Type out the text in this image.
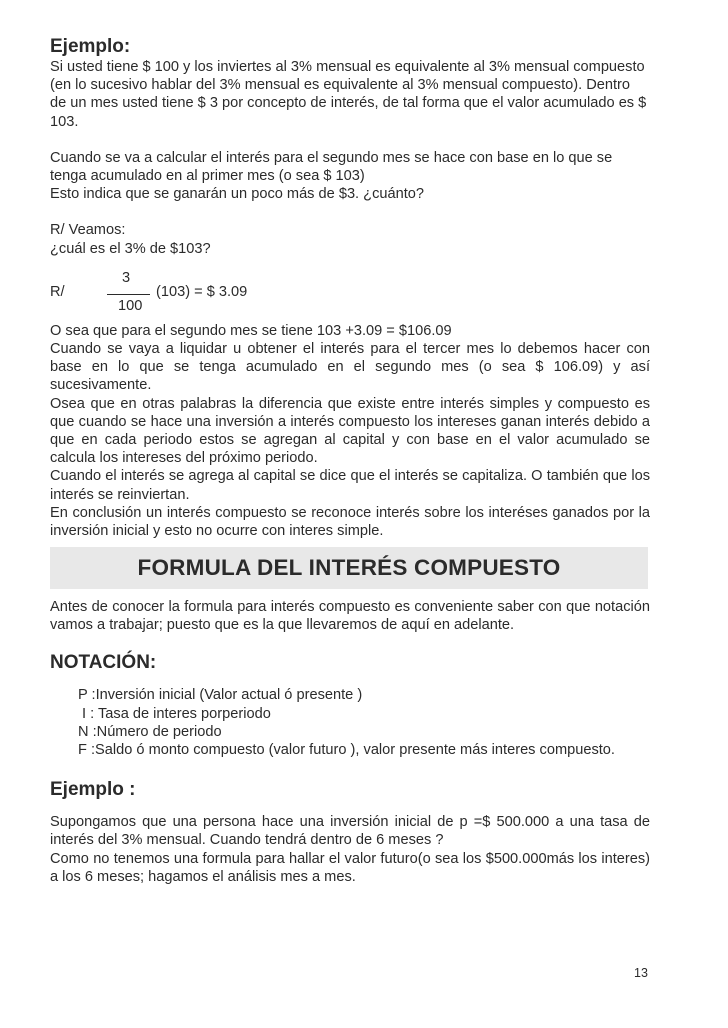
Ejemplo:

Si usted tiene $ 100 y los inviertes al 3% mensual es equivalente al 3% mensual compuesto (en lo sucesivo hablar del 3% mensual es equivalente al 3% mensual compuesto). Dentro de un mes usted tiene $ 3 por concepto de interés, de tal forma que el valor acumulado es $ 103.

Cuando se va a calcular el interés para el segundo mes se hace con base en lo que se tenga acumulado en al primer mes (o sea $ 103)

Esto indica que se ganarán un poco más de $3. ¿cuánto?

R/ Veamos:

¿cuál es el 3% de $103?

R/
3
100
(103) = $ 3.09

O sea que para el segundo mes se tiene 103 +3.09 = $106.09

Cuando se vaya a liquidar u obtener el interés para el tercer mes lo debemos hacer con base en lo que se tenga acumulado en el segundo mes (o sea $ 106.09) y así sucesivamente.

Osea que en otras palabras la diferencia que existe entre interés simples y compuesto es que cuando se hace una inversión a interés compuesto los intereses ganan interés debido a que en cada periodo estos se agregan al capital y con base en el valor acumulado se calcula los intereses del próximo periodo.

Cuando el interés se agrega al capital se dice que el interés se capitaliza. O también que los interés se reinviertan.

En conclusión un interés compuesto se reconoce interés sobre los interéses ganados por la inversión inicial y esto no ocurre con interes simple.

FORMULA DEL INTERÉS COMPUESTO

Antes de conocer la formula para interés compuesto es conveniente saber con que notación vamos a trabajar; puesto que es la que llevaremos de aquí en adelante.

NOTACIÓN:

P :Inversión inicial (Valor actual ó presente )

I : Tasa de interes porperiodo

N :Número de periodo

F :Saldo ó monto compuesto (valor futuro ), valor presente más interes compuesto.

Ejemplo :

Supongamos que una persona hace una inversión inicial de p =$ 500.000 a una tasa de interés del 3% mensual. Cuando tendrá dentro de 6 meses ?

Como no tenemos una formula para hallar el valor futuro(o sea los $500.000más los interes) a los 6 meses; hagamos el análisis mes a mes.

13
